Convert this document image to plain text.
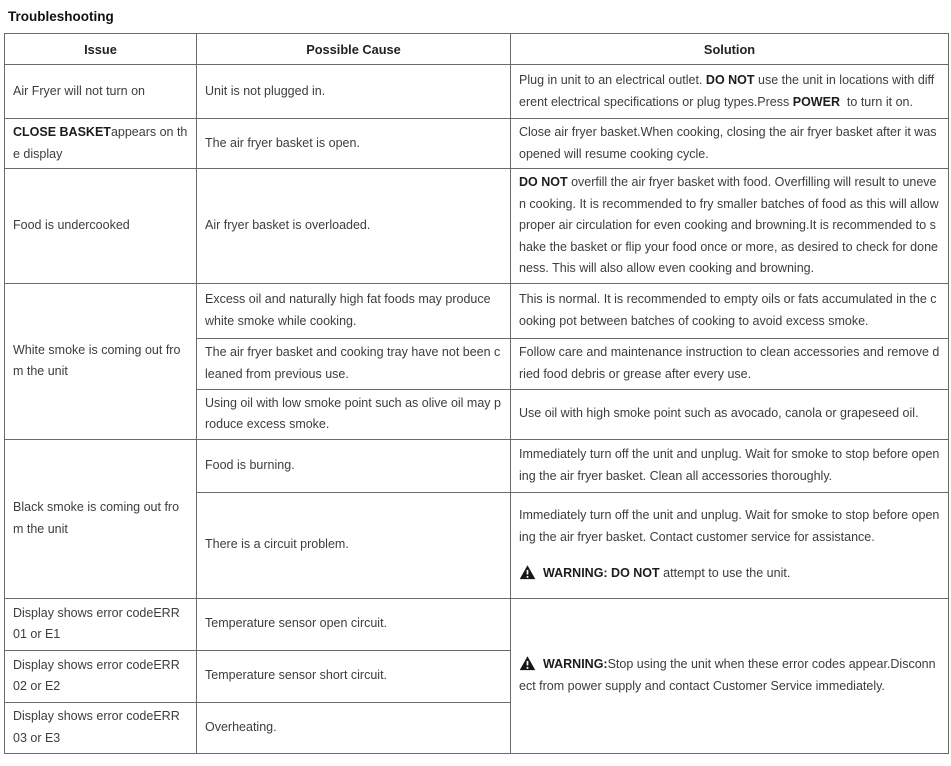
Troubleshooting
Issue	Possible Cause	Solution

Air Fryer will not turn on	Unit is not plugged in.	Plug in unit to an electrical outlet. DO NOT use the unit in locations with different electrical specifications or plug types.Press POWER  to turn it on.

CLOSE BASKETappears on the display	The air fryer basket is open.	Close air fryer basket.When cooking, closing the air fryer basket after it was opened will resume cooking cycle.

Food is undercooked	Air fryer basket is overloaded.	DO NOT overfill the air fryer basket with food. Overfilling will result to uneven cooking. It is recommended to fry smaller batches of food as this will allow proper air circulation for even cooking and browning.It is recommended to shake the basket or flip your food once or more, as desired to check for doneness. This will also allow even cooking and browning.

White smoke is coming out from the unit	Excess oil and naturally high fat foods may produce white smoke while cooking.	This is normal. It is recommended to empty oils or fats accumulated in the cooking pot between batches of cooking to avoid excess smoke.

	The air fryer basket and cooking tray have not been cleaned from previous use.	Follow care and maintenance instruction to clean accessories and remove dried food debris or grease after every use.

	Using oil with low smoke point such as olive oil may produce excess smoke.	Use oil with high smoke point such as avocado, canola or grapeseed oil.

Black smoke is coming out from the unit	Food is burning.	Immediately turn off the unit and unplug. Wait for smoke to stop before opening the air fryer basket. Clean all accessories thoroughly.

	There is a circuit problem.	Immediately turn off the unit and unplug. Wait for smoke to stop before opening the air fryer basket. Contact customer service for assistance.
WARNING: DO NOT attempt to use the unit.

Display shows error codeERR 01 or E1	Temperature sensor open circuit.	WARNING:Stop using the unit when these error codes appear.Disconnect from power supply and contact Customer Service immediately.

Display shows error codeERR 02 or E2	Temperature sensor short circuit.	

Display shows error codeERR 03 or E3	Overheating.	
